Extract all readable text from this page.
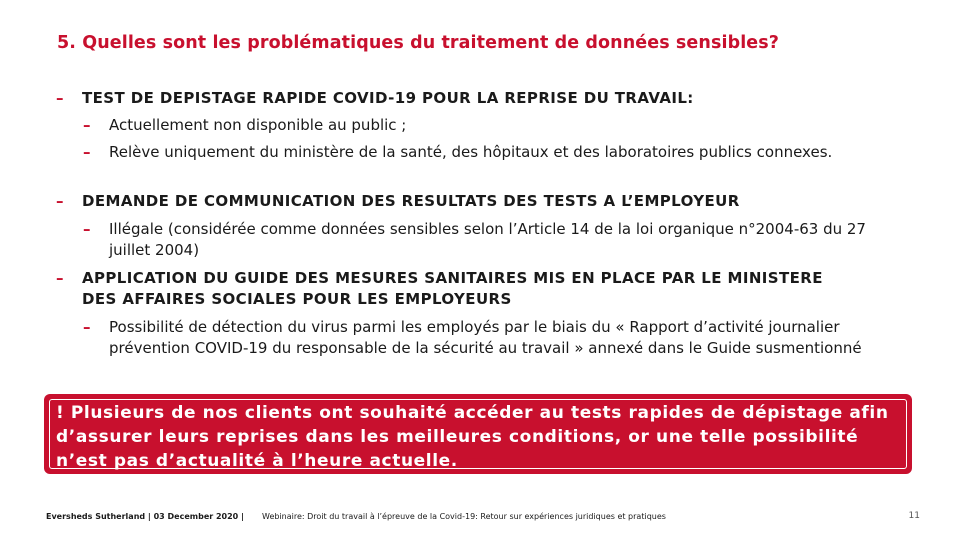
5. Quelles sont les problématiques du traitement de données sensibles?
– TEST DE DEPISTAGE RAPIDE COVID-19 POUR LA REPRISE DU TRAVAIL:
– Actuellement non disponible au public ;
– Relève uniquement du ministère de la santé, des hôpitaux et des laboratoires publics connexes.
– DEMANDE DE COMMUNICATION DES RESULTATS DES TESTS A L’EMPLOYEUR
– Illégale (considérée comme données sensibles selon l’Article 14 de la loi organique n°2004-63 du 27 juillet 2004)
– APPLICATION DU GUIDE DES MESURES SANITAIRES MIS EN PLACE PAR LE MINISTERE DES AFFAIRES SOCIALES POUR LES EMPLOYEURS
– Possibilité de détection du virus parmi les employés par le biais du « Rapport d’activité journalier prévention COVID-19 du responsable de la sécurité au travail » annexé dans le Guide susmentionné
! Plusieurs de nos clients ont souhaité accéder au tests rapides de dépistage afin d’assurer leurs reprises dans les meilleures conditions, or une telle possibilité n’est pas d’actualité à l’heure actuelle.
Eversheds Sutherland | 03 December 2020 | Webinaire: Droit du travail à l’épreuve de la Covid-19: Retour sur expériences juridiques et pratiques	11
